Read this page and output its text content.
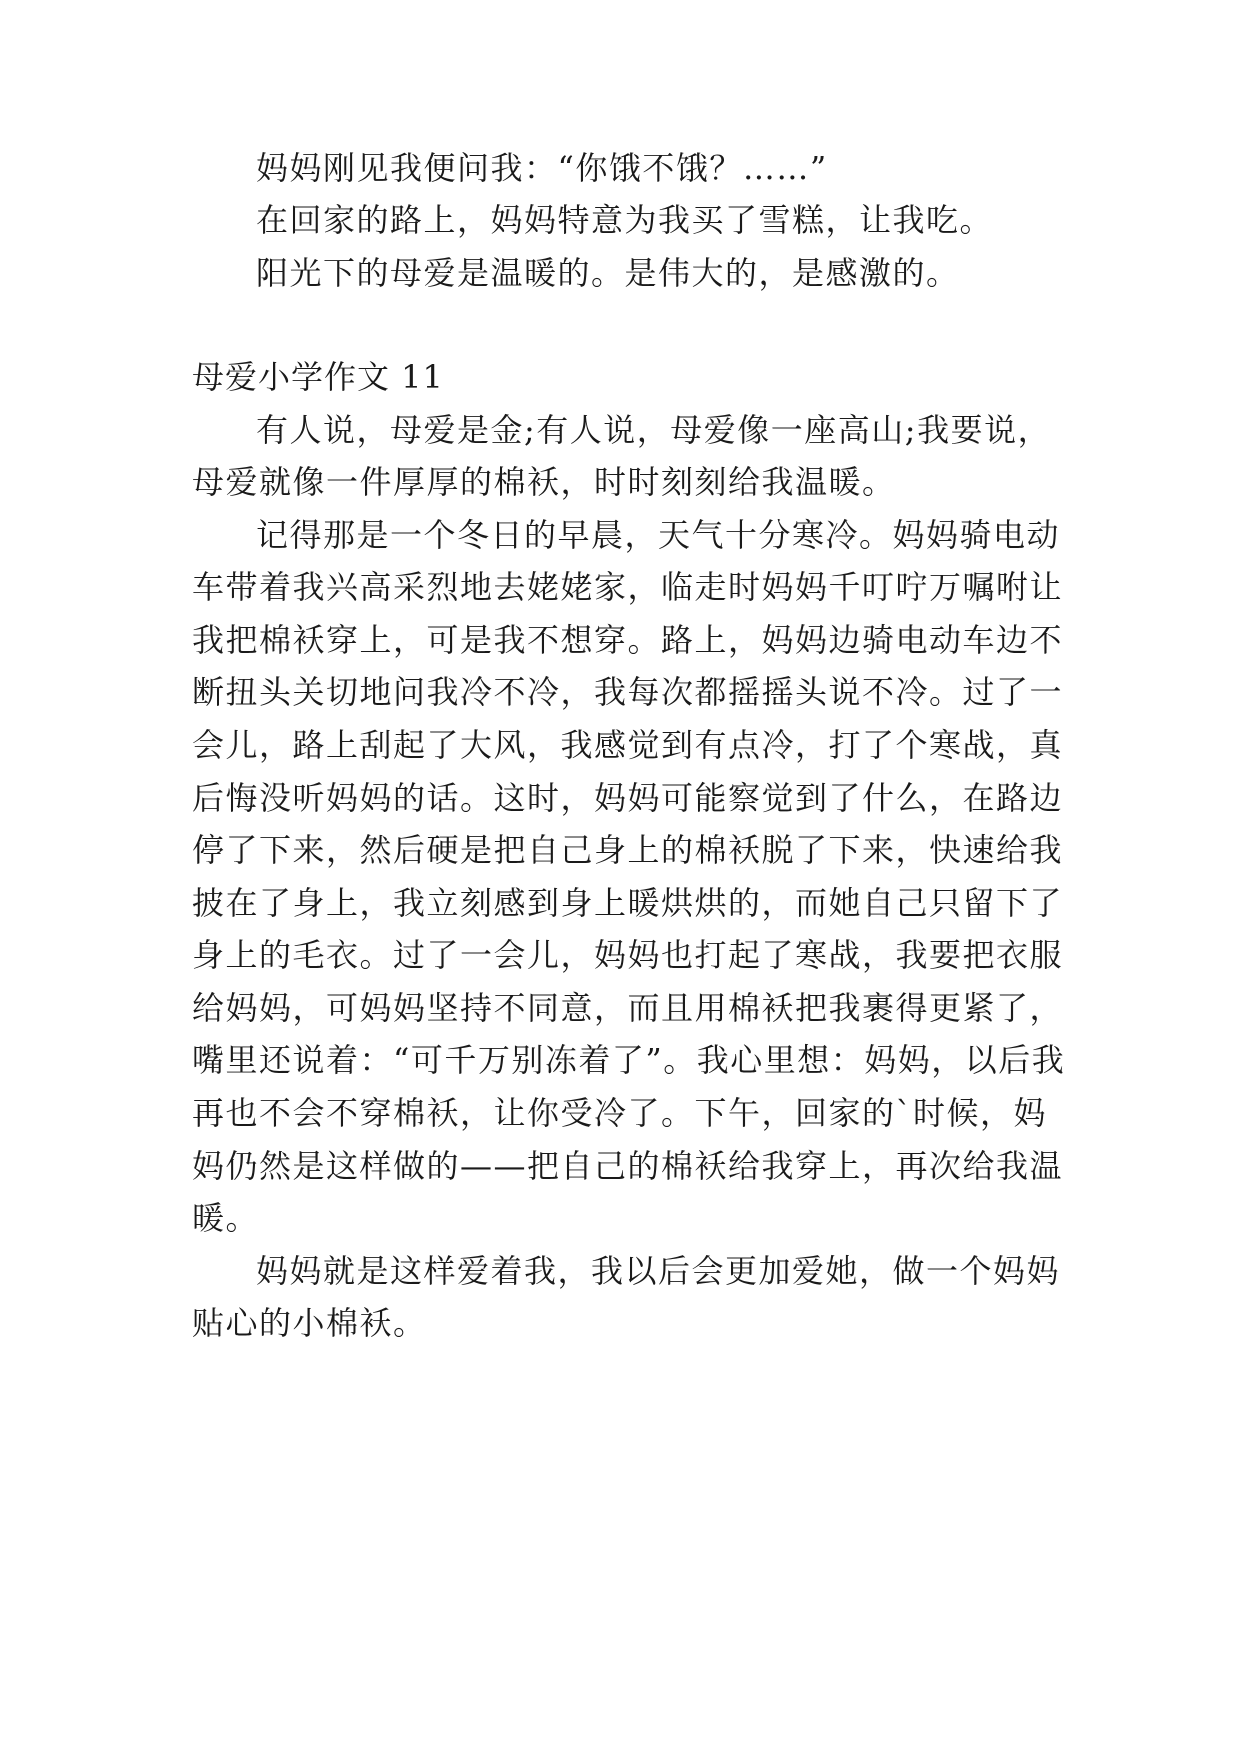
妈妈刚见我便问我：“你饿不饿？……”
在回家的路上，妈妈特意为我买了雪糕，让我吃。
阳光下的母爱是温暖的。是伟大的，是感激的。
母爱小学作文 11
有人说，母爱是金;有人说，母爱像一座高山;我要说，
母爱就像一件厚厚的棉袄，时时刻刻给我温暖。
记得那是一个冬日的早晨，天气十分寒冷。妈妈骑电动
车带着我兴高采烈地去姥姥家，临走时妈妈千叮咛万嘱咐让
我把棉袄穿上，可是我不想穿。路上，妈妈边骑电动车边不
断扭头关切地问我冷不冷，我每次都摇摇头说不冷。过了一
会儿，路上刮起了大风，我感觉到有点冷，打了个寒战，真
后悔没听妈妈的话。这时，妈妈可能察觉到了什么，在路边
停了下来，然后硬是把自己身上的棉袄脱了下来，快速给我
披在了身上，我立刻感到身上暖烘烘的，而她自己只留下了
身上的毛衣。过了一会儿，妈妈也打起了寒战，我要把衣服
给妈妈，可妈妈坚持不同意，而且用棉袄把我裹得更紧了，
嘴里还说着：“可千万别冻着了”。我心里想：妈妈，以后我
再也不会不穿棉袄，让你受冷了。下午，回家的`时候，妈
妈仍然是这样做的——把自己的棉袄给我穿上，再次给我温
暖。
妈妈就是这样爱着我，我以后会更加爱她，做一个妈妈
贴心的小棉袄。
